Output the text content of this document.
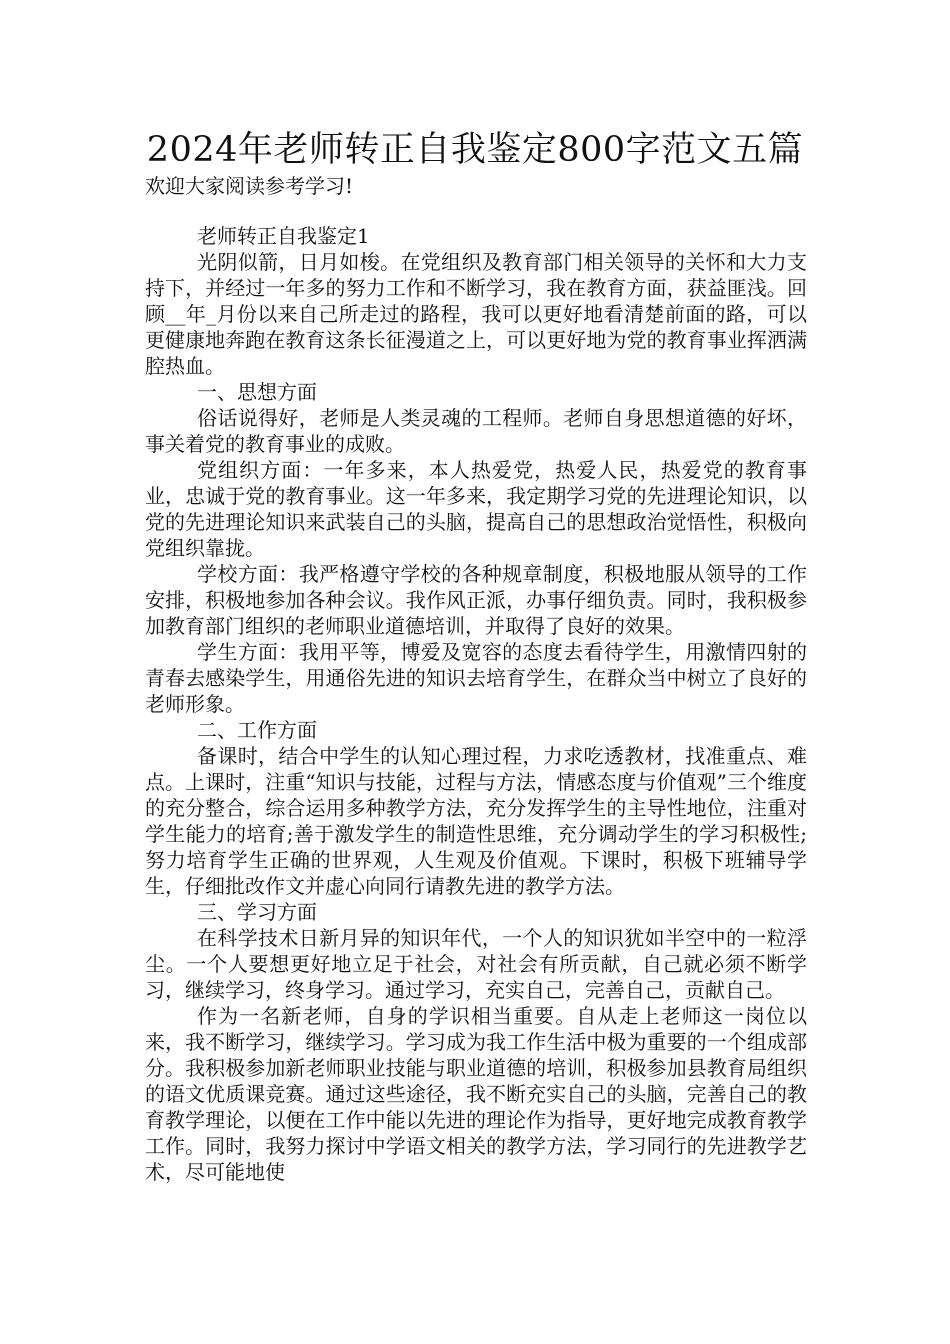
2024年老师转正自我鉴定800字范文五篇
欢迎大家阅读参考学习!

老师转正自我鉴定1

光阴似箭，日月如梭。在党组织及教育部门相关领导的关怀和大力支持下，并经过一年多的努力工作和不断学习，我在教育方面，获益匪浅。回顾__年_月份以来自己所走过的路程，我可以更好地看清楚前面的路，可以更健康地奔跑在教育这条长征漫道之上，可以更好地为党的教育事业挥洒满腔热血。

一、思想方面

俗话说得好，老师是人类灵魂的工程师。老师自身思想道德的好坏，事关着党的教育事业的成败。

党组织方面：一年多来，本人热爱党，热爱人民，热爱党的教育事业，忠诚于党的教育事业。这一年多来，我定期学习党的先进理论知识，以党的先进理论知识来武装自己的头脑，提高自己的思想政治觉悟性，积极向党组织靠拢。

学校方面：我严格遵守学校的各种规章制度，积极地服从领导的工作安排，积极地参加各种会议。我作风正派，办事仔细负责。同时，我积极参加教育部门组织的老师职业道德培训，并取得了良好的效果。

学生方面：我用平等，博爱及宽容的态度去看待学生，用激情四射的青春去感染学生，用通俗先进的知识去培育学生，在群众当中树立了良好的老师形象。

二、工作方面

备课时，结合中学生的认知心理过程，力求吃透教材，找准重点、难点。上课时，注重“知识与技能，过程与方法，情感态度与价值观”三个维度的充分整合，综合运用多种教学方法，充分发挥学生的主导性地位，注重对学生能力的培育;善于激发学生的制造性思维，充分调动学生的学习积极性;努力培育学生正确的世界观，人生观及价值观。下课时，积极下班辅导学生，仔细批改作文并虚心向同行请教先进的教学方法。

三、学习方面

在科学技术日新月异的知识年代，一个人的知识犹如半空中的一粒浮尘。一个人要想更好地立足于社会，对社会有所贡献，自己就必须不断学习，继续学习，终身学习。通过学习，充实自己，完善自己，贡献自己。

作为一名新老师，自身的学识相当重要。自从走上老师这一岗位以来，我不断学习，继续学习。学习成为我工作生活中极为重要的一个组成部分。我积极参加新老师职业技能与职业道德的培训，积极参加县教育局组织的语文优质课竞赛。通过这些途径，我不断充实自己的头脑，完善自己的教育教学理论，以便在工作中能以先进的理论作为指导，更好地完成教育教学工作。同时，我努力探讨中学语文相关的教学方法，学习同行的先进教学艺术，尽可能地使
